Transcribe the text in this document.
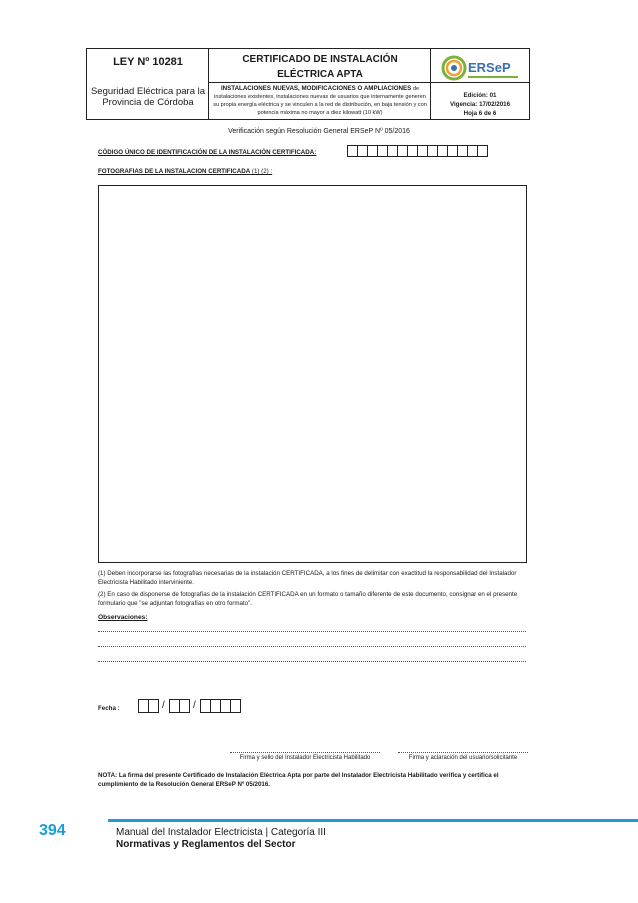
LEY Nº 10281
Seguridad Eléctrica para la Provincia de Córdoba
CERTIFICADO DE INSTALACIÓN
ELÉCTRICA APTA
INSTALACIONES NUEVAS, MODIFICACIONES O AMPLIACIONES de instalaciones existentes, instalaciones nuevas de usuarios que internamente generen su propia energía eléctrica y se vinculen a la red de distribución, en baja tensión y con potencia máxima no mayor a diez kilowatt (10 kW)
ERSeP
Edición: 01
Vigencia: 17/02/2016
Hoja 6 de 6
Verificación según Resolución General ERSeP Nº 05/2016
CÓDIGO ÚNICO DE IDENTIFICACIÓN DE LA INSTALACIÓN CERTIFICADA:
FOTOGRAFIAS DE LA INSTALACION CERTIFICADA (1) (2) :
(1) Deben incorporarse las fotografías necesarias de la instalación CERTIFICADA, a los fines de delimitar con exactitud la responsabilidad del Instalador Electricista Habilitado interviniente.
(2) En caso de disponerse de fotografías de la instalación CERTIFICADA en un formato o tamaño diferente de este documento, consignar en el presente formulario que "se adjuntan fotografías en otro formato".
Observaciones:
Fecha :	/	/
Firma y sello del Instalador Electricista Habilitado	Firma y aclaración del usuario/solicitante
NOTA: La firma del presente Certificado de Instalación Eléctrica Apta por parte del Instalador Electricista Habilitado verifica y certifica el cumplimiento de la Resolución General ERSeP Nº 05/2016.
394	Manual del Instalador Electricista | Categoría III
Normativas y Reglamentos del Sector
